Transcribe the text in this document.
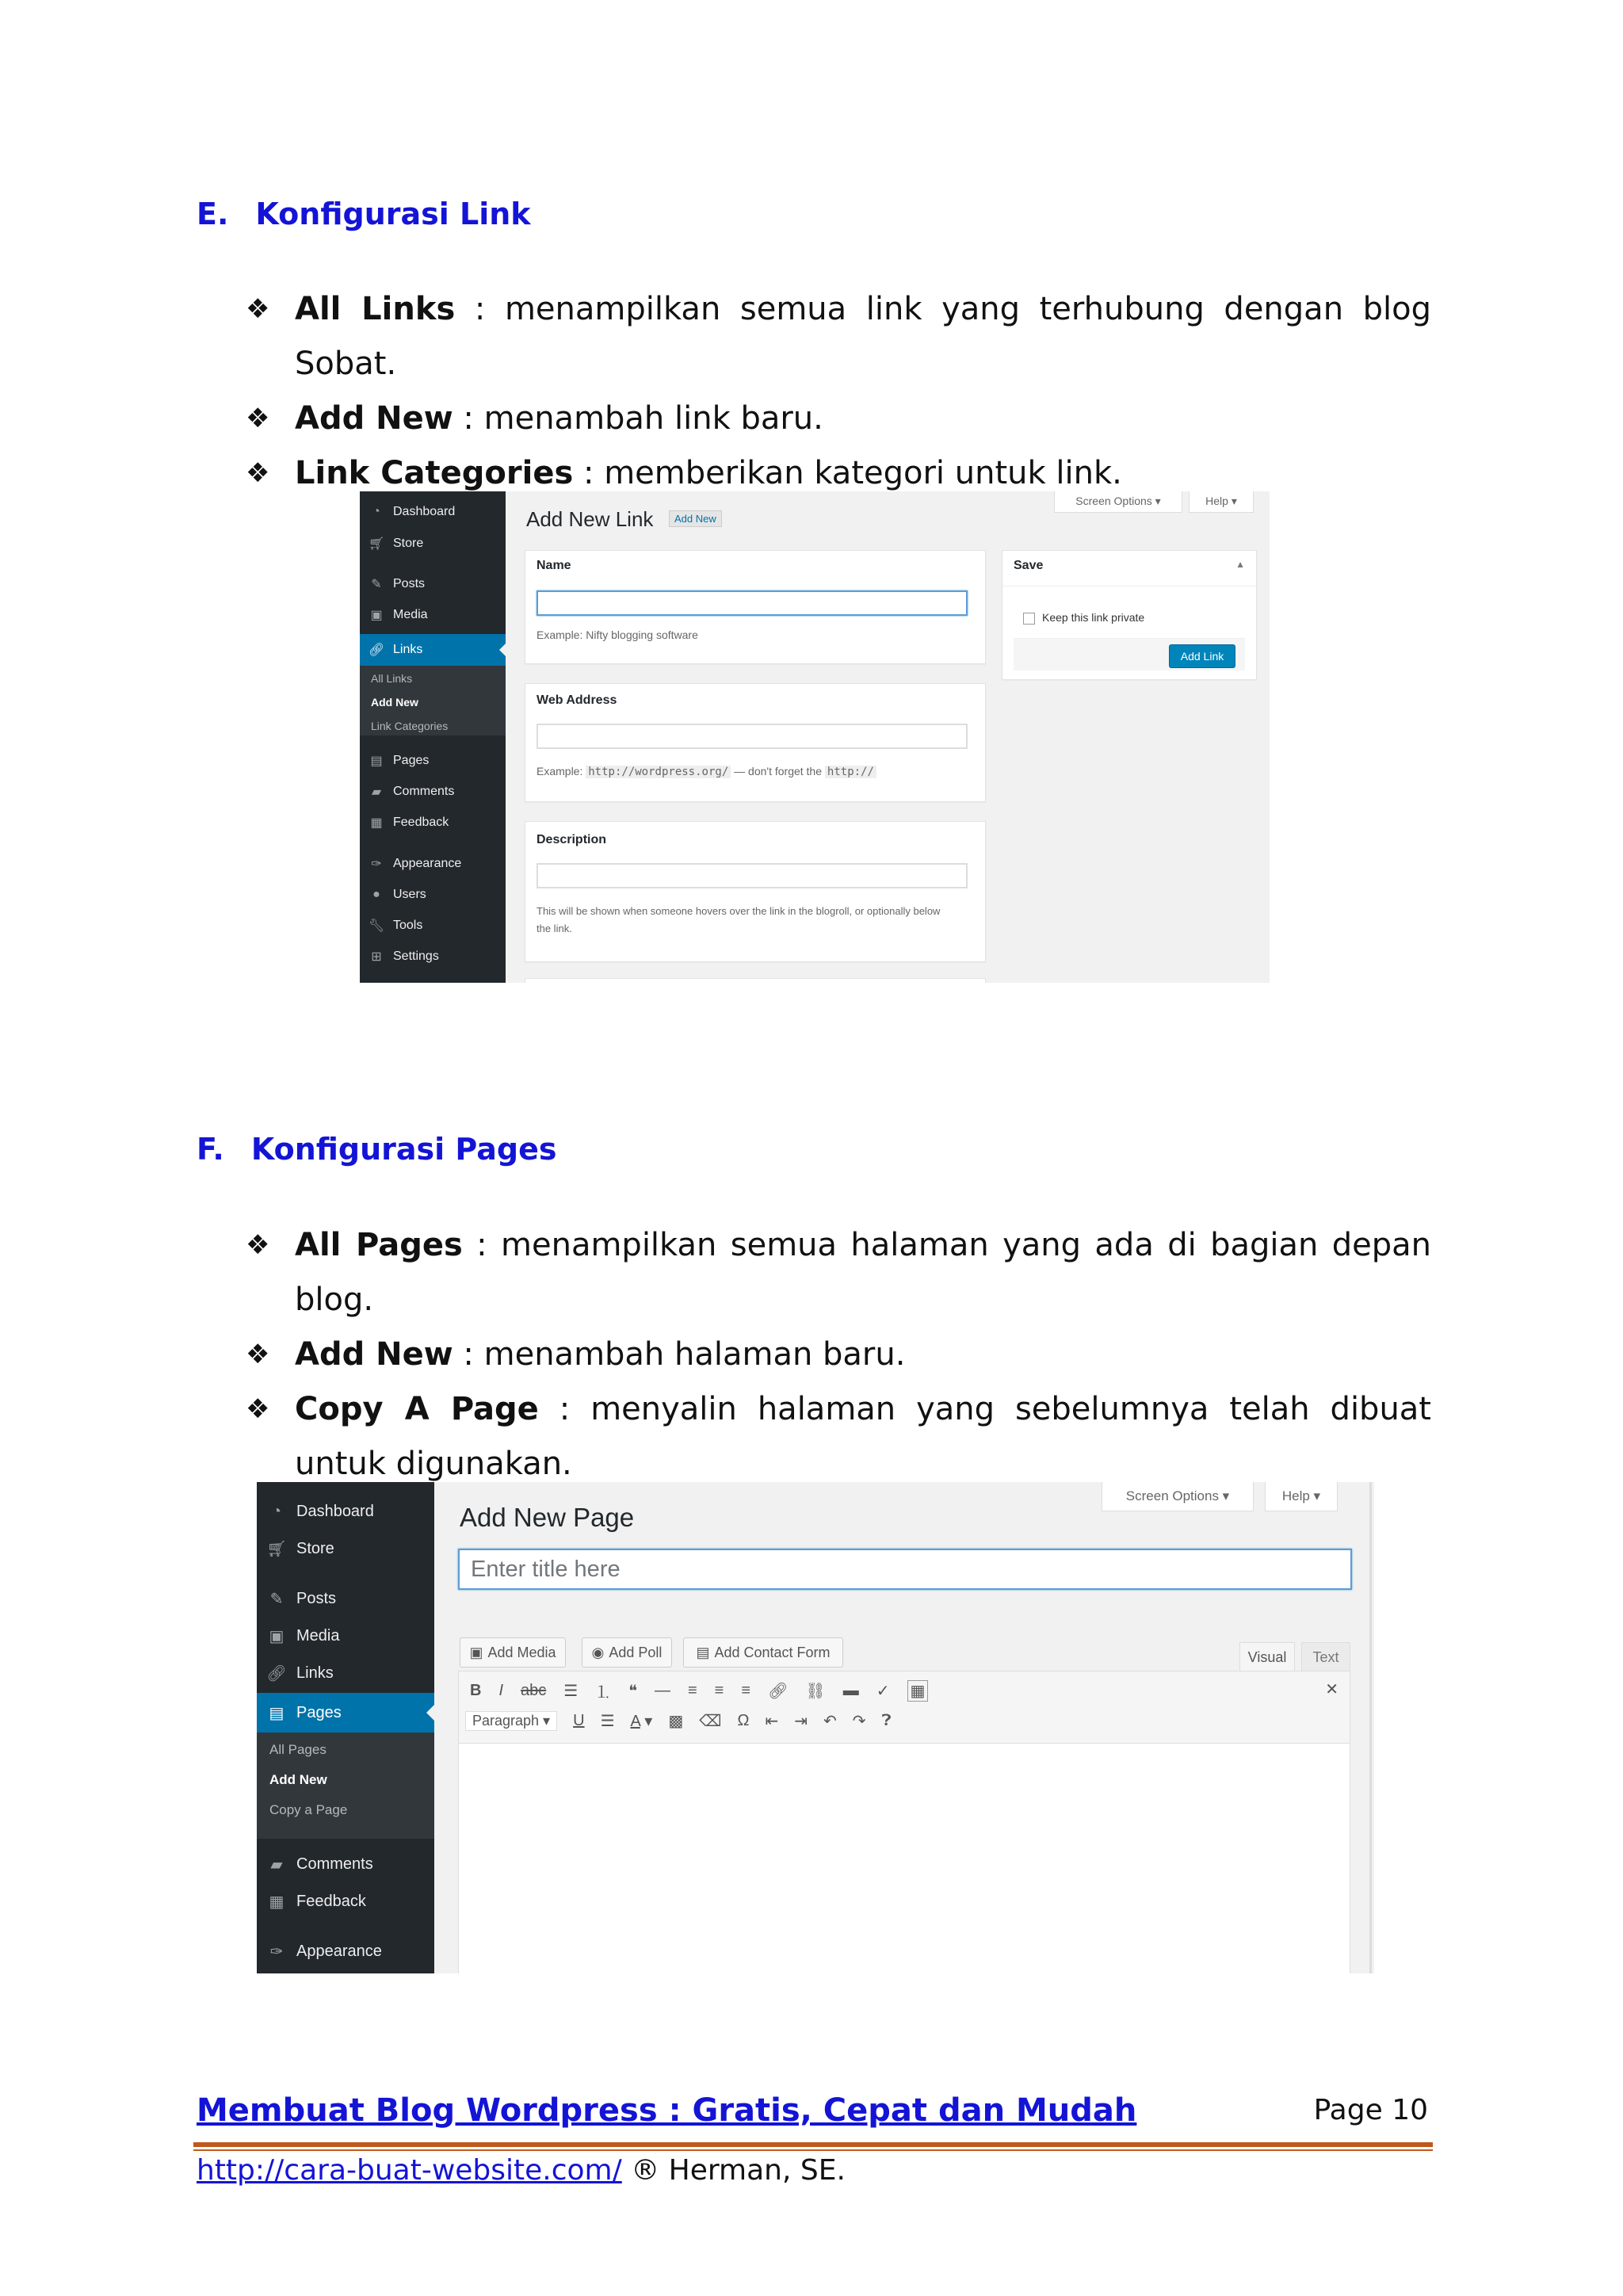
E. Konfigurasi Link
❖ All Links : menampilkan semua link yang terhubung dengan blog Sobat.
❖ Add New : menambah link baru.
❖ Link Categories : memberikan kategori untuk link.
◔	Dashboard
🛒︎ Store
✎ Posts
▣ Media
🔗︎ Links
All Links
Add New
Link Categories
▤ Pages
▰ Comments
▦ Feedback
✑ Appearance
●	Users
🔧︎ Tools
⊞ Settings
Screen Options ▾	Help ▾
Add New Link	Add New
Name
Example: Nifty blogging software
Web Address
Example: http://wordpress.org/ — don't forget the http://
Description
This will be shown when someone hovers over the link in the blogroll, or optionally below the link.
Save	▲
Keep this link private
Add Link
F. Konfigurasi Pages
❖ All Pages : menampilkan semua halaman yang ada di bagian depan blog.
❖ Add New : menambah halaman baru.
❖ Copy A Page : menyalin halaman yang sebelumnya telah dibuat untuk digunakan.
◔ Dashboard
🛒︎ Store
✎ Posts
▣ Media
🔗︎ Links
▤ Pages
All Pages
Add New
Copy a Page
▰ Comments
▦ Feedback
✑ Appearance
Screen Options ▾	Help ▾
Add New Page
Enter title here
▣ Add Media	◉ Add Poll ▤ Add Contact Form	Visual	Text
B I abc ☰ ⒈ ❝ — ≡ ≡ ≡ 🔗︎ ⛓ ▬ ✓ ▦	✕
Paragraph ▾	U ☰ A ▾ ▩ ⌫ Ω ⇤ ⇥ ↶ ↷ ❓︎
Membuat Blog Wordpress : Gratis, Cepat dan Mudah	Page 10
http://cara-buat-website.com/ ® Herman, SE.
